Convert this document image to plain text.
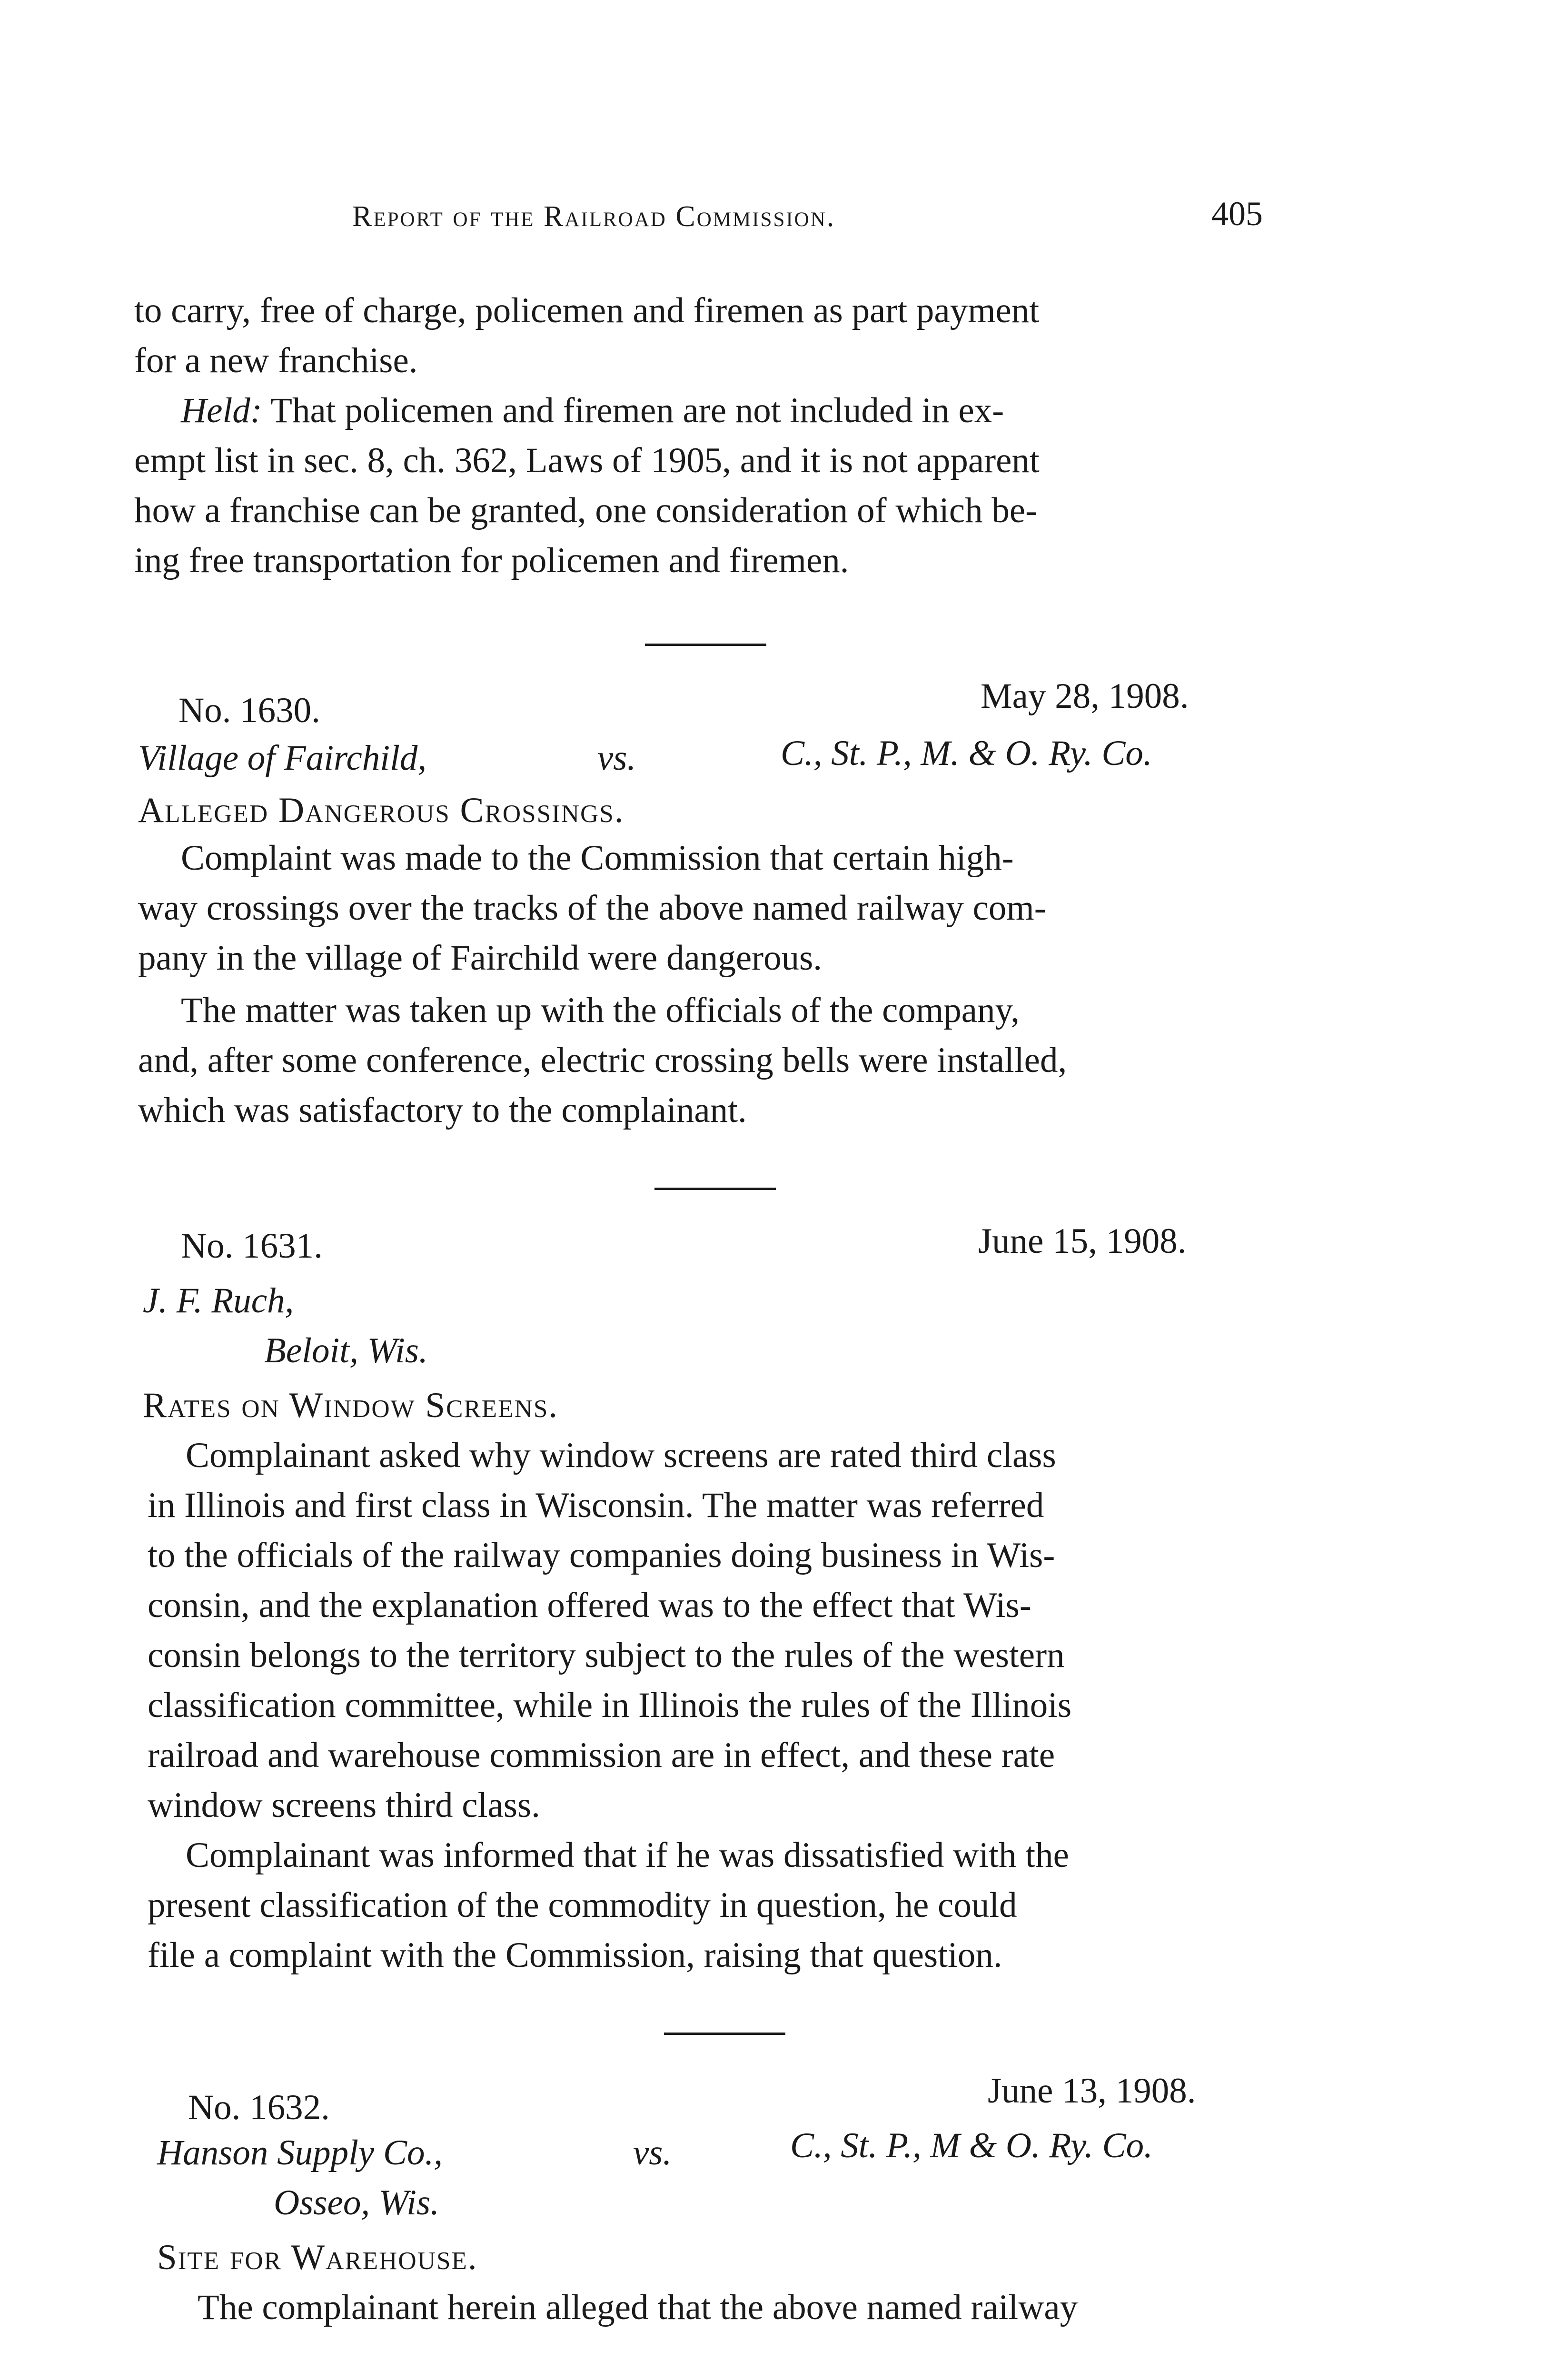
Report of the Railroad Commission.	405
to carry, free of charge, policemen and firemen as part payment
for a new franchise.
Held: That policemen and firemen are not included in ex-
empt list in sec. 8, ch. 362, Laws of 1905, and it is not apparent
how a franchise can be granted, one consideration of which be-
ing free transportation for policemen and firemen.
No. 1630.	May 28, 1908.
Village of Fairchild,	vs.	C., St. P., M. & O. Ry. Co.
Alleged Dangerous Crossings.
Complaint was made to the Commission that certain high-
way crossings over the tracks of the above named railway com-
pany in the village of Fairchild were dangerous.
The matter was taken up with the officials of the company,
and, after some conference, electric crossing bells were installed,
which was satisfactory to the complainant.
No. 1631.	June 15, 1908.
J. F. Ruch,
Beloit, Wis.
Rates on Window Screens.
Complainant asked why window screens are rated third class
in Illinois and first class in Wisconsin. The matter was referred
to the officials of the railway companies doing business in Wis-
consin, and the explanation offered was to the effect that Wis-
consin belongs to the territory subject to the rules of the western
classification committee, while in Illinois the rules of the Illinois
railroad and warehouse commission are in effect, and these rate
window screens third class.
Complainant was informed that if he was dissatisfied with the
present classification of the commodity in question, he could
file a complaint with the Commission, raising that question.
No. 1632.	June 13, 1908.
Hanson Supply Co.,	vs.	C., St. P., M & O. Ry. Co.
Osseo, Wis.
Site for Warehouse.
The complainant herein alleged that the above named railway
